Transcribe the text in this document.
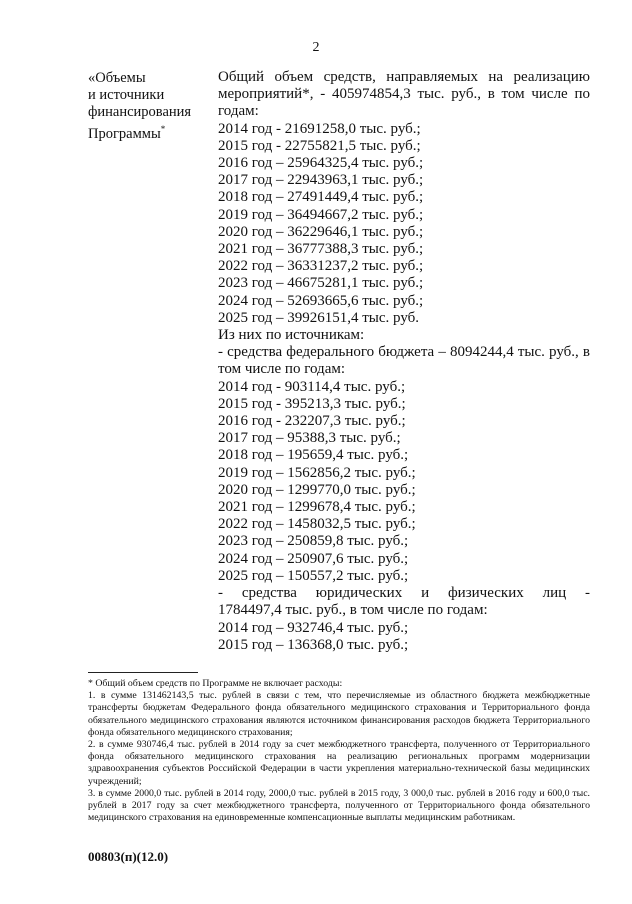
2
«Объемы
и источники
финансирования
Программы*
Общий объем средств, направляемых на реализацию мероприятий*, - 405974854,3 тыс. руб., в том числе по годам:
2014 год - 21691258,0 тыс. руб.;
2015 год - 22755821,5 тыс. руб.;
2016 год – 25964325,4 тыс. руб.;
2017 год – 22943963,1 тыс. руб.;
2018 год – 27491449,4 тыс. руб.;
2019 год – 36494667,2 тыс. руб.;
2020 год – 36229646,1 тыс. руб.;
2021 год – 36777388,3 тыс. руб.;
2022 год – 36331237,2 тыс. руб.;
2023 год – 46675281,1 тыс. руб.;
2024 год – 52693665,6 тыс. руб.;
2025 год – 39926151,4 тыс. руб.
Из них по источникам:
- средства федерального бюджета – 8094244,4 тыс. руб., в том числе по годам:
2014 год - 903114,4 тыс. руб.;
2015 год - 395213,3 тыс. руб.;
2016 год - 232207,3 тыс. руб.;
2017 год – 95388,3 тыс. руб.;
2018 год – 195659,4 тыс. руб.;
2019 год – 1562856,2 тыс. руб.;
2020 год – 1299770,0 тыс. руб.;
2021 год – 1299678,4 тыс. руб.;
2022 год – 1458032,5 тыс. руб.;
2023 год – 250859,8 тыс. руб.;
2024 год – 250907,6 тыс. руб.;
2025 год – 150557,2 тыс. руб.;
- средства юридических и физических лиц -
1784497,4 тыс. руб., в том числе по годам:
2014 год – 932746,4 тыс. руб.;
2015 год – 136368,0 тыс. руб.;
* Общий объем средств по Программе не включает расходы:
1. в сумме 131462143,5 тыс. рублей в связи с тем, что перечисляемые из областного бюджета межбюджетные трансферты бюджетам Федерального фонда обязательного медицинского страхования и Территориального фонда обязательного медицинского страхования являются источником финансирования расходов бюджета Территориального фонда обязательного медицинского страхования;
2. в сумме 930746,4 тыс. рублей в 2014 году за счет межбюджетного трансферта, полученного от Территориального фонда обязательного медицинского страхования на реализацию региональных программ модернизации здравоохранения субъектов Российской Федерации в части укрепления материально-технической базы медицинских учреждений;
3. в сумме 2000,0 тыс. рублей в 2014 году, 2000,0 тыс. рублей в 2015 году, 3 000,0 тыс. рублей в 2016 году и 600,0 тыс. рублей в 2017 году за счет межбюджетного трансферта, полученного от Территориального фонда обязательного медицинского страхования на единовременные компенсационные выплаты медицинским работникам.
00803(п)(12.0)
